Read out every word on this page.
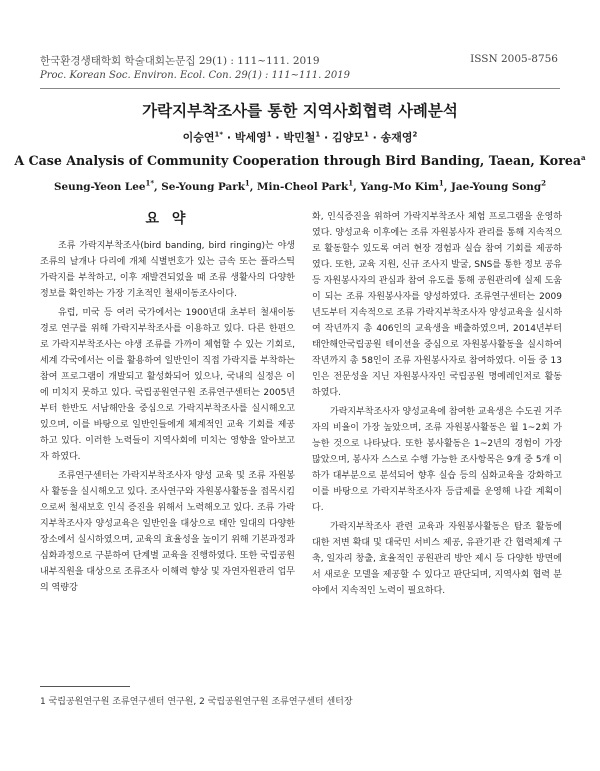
한국환경생태학회 학술대회논문집 29(1) : 111~111. 2019
Proc. Korean Soc. Environ. Ecol. Con. 29(1) : 111~111. 2019
ISSN 2005-8756
가락지부착조사를 통한 지역사회협력 사례분석
이승연$^{1*}$ · 박세영$^1$ · 박민철$^1$ · 김양모$^1$ · 송재영$^2$
A Case Analysis of Community Cooperation through Bird Banding, Taean, Korea$^a$
Seung-Yeon Lee$^{1*}$, Se-Young Park$^1$, Min-Cheol Park$^1$, Yang-Mo Kim$^1$, Jae-Young Song$^2$
요 약

조류 가락지부착조사(bird banding, bird ringing)는 야생조류의 날개나 다리에 개체 식별번호가 있는 금속 또는 플라스틱 가락지를 부착하고, 이후 재발견되었을 때 조류 생활사의 다양한 정보를 확인하는 가장 기초적인 철새이동조사이다.

유럽, 미국 등 여러 국가에서는 1900년대 초부터 철새이동경로 연구를 위해 가락지부착조사를 이용하고 있다. 다른 한편으로 가락지부착조사는 야생 조류를 가까이 체험할 수 있는 기회로, 세계 각국에서는 이를 활용하여 일반인이 직접 가락지를 부착하는 참여 프로그램이 개발되고 활성화되어 있으나, 국내의 실정은 이에 미치지 못하고 있다. 국립공원연구원 조류연구센터는 2005년부터 한반도 서남해안을 중심으로 가락지부착조사를 실시해오고 있으며, 이를 바탕으로 일반인들에게 체계적인 교육 기회를 제공하고 있다. 이러한 노력들이 지역사회에 미치는 영향을 알아보고자 하였다.

조류연구센터는 가락지부착조사자 양성 교육 및 조류 자원봉사 활동을 실시해오고 있다. 조사연구와 자원봉사활동을 접목시킴으로써 철새보호 인식 증진을 위해서 노력해오고 있다. 조류 가락지부착조사자 양성교육은 일반인을 대상으로 태안 일대의 다양한 장소에서 실시하였으며, 교육의 효율성을 높이기 위해 기본과정과 심화과정으로 구분하여 단계별 교육을 진행하였다. 또한 국립공원 내부직원을 대상으로 조류조사 이해력 향상 및 자연자원관리 업무의 역량강

화, 인식증진을 위하여 가락지부착조사 체험 프로그램을 운영하였다. 양성교육 이후에는 조류 자원봉사자 관리를 통해 지속적으로 활동할수 있도록 여러 현장 경험과 실습 참여 기회를 제공하였다. 또한, 교육 지원, 신규 조사지 발굴, SNS를 통한 정보 공유 등 자원봉사자의 관심과 참여 유도를 통해 공원관리에 실제 도움이 되는 조류 자원봉사자를 양성하였다. 조류연구센터는 2009년도부터 지속적으로 조류 가락지부착조사자 양성교육을 실시하여 작년까지 총 406인의 교육생을 배출하였으며, 2014년부터 태안해안국립공원 테이션을 중심으로 자원봉사활동을 실시하여 작년까지 총 58인이 조류 자원봉사자로 참여하였다. 이들 중 13인은 전문성을 지닌 자원봉사자인 국립공원 명예레인저로 활동하였다.

가락지부착조사자 양성교육에 참여한 교육생은 수도권 거주자의 비율이 가장 높았으며, 조류 자원봉사활동은 월 1~2회 가능한 것으로 나타났다. 또한 봉사활동은 1~2년의 경험이 가장 많았으며, 봉사자 스스로 수행 가능한 조사항목은 9개 중 5개 이하가 대부분으로 분석되어 향후 실습 등의 심화교육을 강화하고 이를 바탕으로 가락지부착조사자 등급제를 운영해 나갈 계획이다.

가락지부착조사 관련 교육과 자원봉사활동은 탐조 활동에 대한 저변 확대 및 대국민 서비스 제공, 유관기관 간 협력체계 구축, 일자리 창출, 효율적인 공원관리 방안 제시 등 다양한 방면에서 새로운 모델을 제공할 수 있다고 판단되며, 지역사회 협력 분야에서 지속적인 노력이 필요하다.

1 국립공원연구원 조류연구센터 연구원, 2 국립공원연구원 조류연구센터 센터장
